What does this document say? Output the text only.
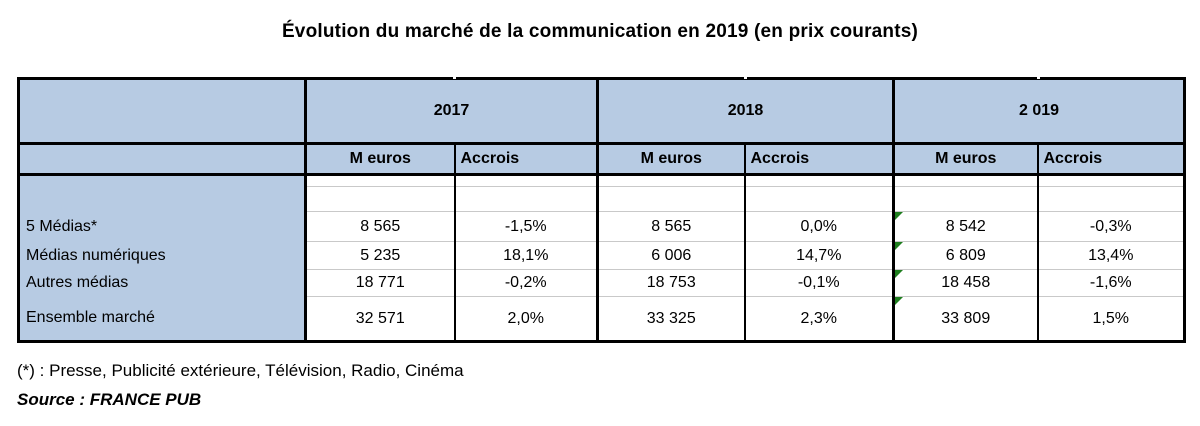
Évolution du marché de la communication en 2019 (en prix courants)
	2017		2018		2 019	
	M euros	Accrois	M euros	Accrois	M euros	Accrois

5 Médias*	8 565	-1,5%	8 565	0,0%	8 542	-0,3%
Médias numériques	5 235	18,1%	6 006	14,7%	6 809	13,4%
Autres médias	18 771	-0,2%	18 753	-0,1%	18 458	-1,6%
Ensemble marché	32 571	2,0%	33 325	2,3%	33 809	1,5%
(*) : Presse, Publicité extérieure, Télévision, Radio, Cinéma
Source : FRANCE PUB
